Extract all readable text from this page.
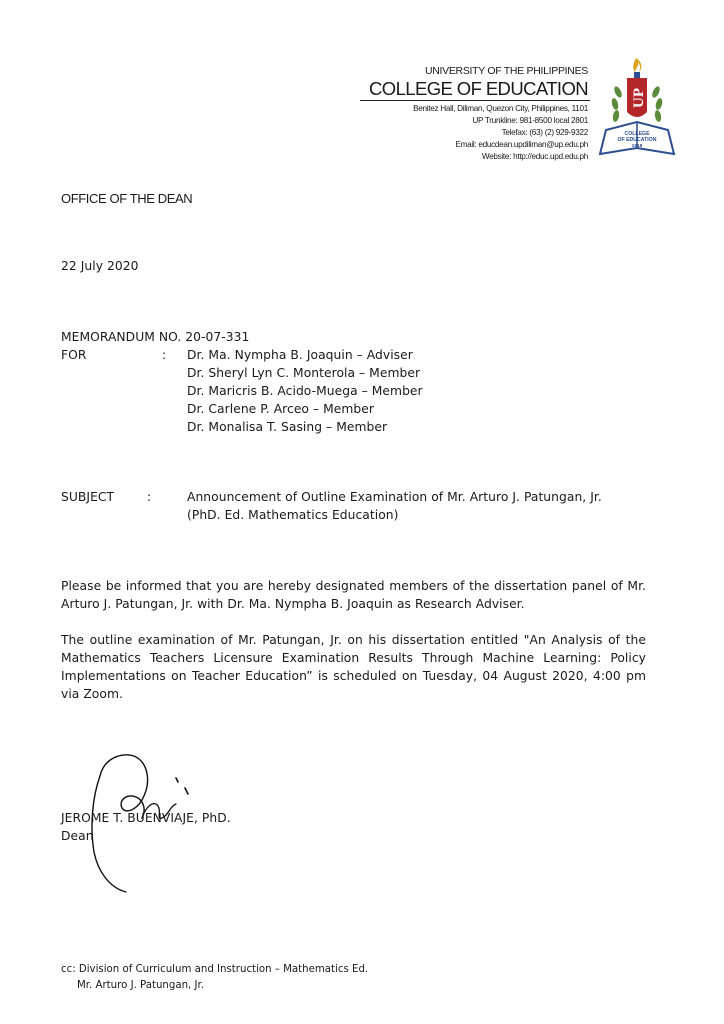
UNIVERSITY OF THE PHILIPPINES
COLLEGE OF EDUCATION
Benitez Hall, Diliman, Quezon City, Philippines, 1101
UP Trunkline: 981-8500 local 2801
Telefax: (63) (2) 929-9322
Email: educdean.updiliman@up.edu.ph
Website: http://educ.upd.edu.ph
UP
COLLEGE
OF EDUCATION
1918
OFFICE OF THE DEAN
22 July 2020
MEMORANDUM NO. 20-07-331
FOR	: Dr. Ma. Nympha B. Joaquin – Adviser
Dr. Sheryl Lyn C. Monterola – Member
Dr. Maricris B. Acido-Muega – Member
Dr. Carlene P. Arceo – Member
Dr. Monalisa T. Sasing – Member
SUBJECT	:	Announcement of Outline Examination of Mr. Arturo J. Patungan, Jr.
(PhD. Ed. Mathematics Education)
Please be informed that you are hereby designated members of the dissertation panel of Mr. Arturo J. Patungan, Jr. with Dr. Ma. Nympha B. Joaquin as Research Adviser.
The outline examination of Mr. Patungan, Jr. on his dissertation entitled "An Analysis of the Mathematics Teachers Licensure Examination Results Through Machine Learning: Policy Implementations on Teacher Education” is scheduled on Tuesday, 04 August 2020, 4:00 pm via Zoom.
JEROME T. BUENVIAJE, PhD.
Dean
cc: Division of Curriculum and Instruction – Mathematics Ed.
Mr. Arturo J. Patungan, Jr.
